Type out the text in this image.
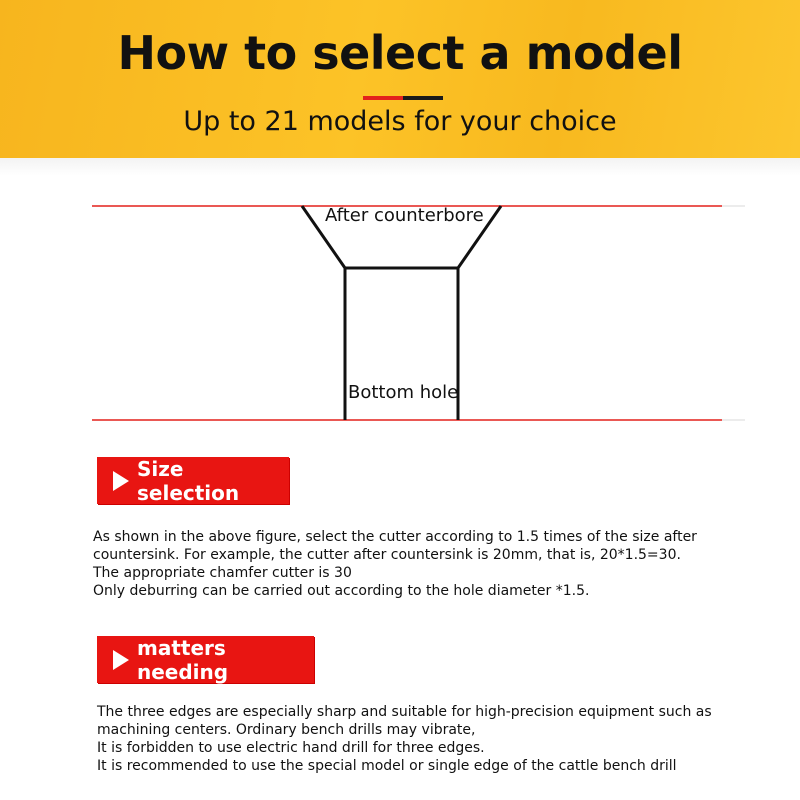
How to select a model
Up to 21 models for your choice
After counterbore
Bottom hole
Size selection
As shown in the above figure, select the cutter according to 1.5 times of the size after
countersink. For example, the cutter after countersink is 20mm, that is, 20*1.5=30.
The appropriate chamfer cutter is 30
Only deburring can be carried out according to the hole diameter *1.5.
matters needing
The three edges are especially sharp and suitable for high-precision equipment such as
machining centers. Ordinary bench drills may vibrate,
It is forbidden to use electric hand drill for three edges.
It is recommended to use the special model or single edge of the cattle bench drill
